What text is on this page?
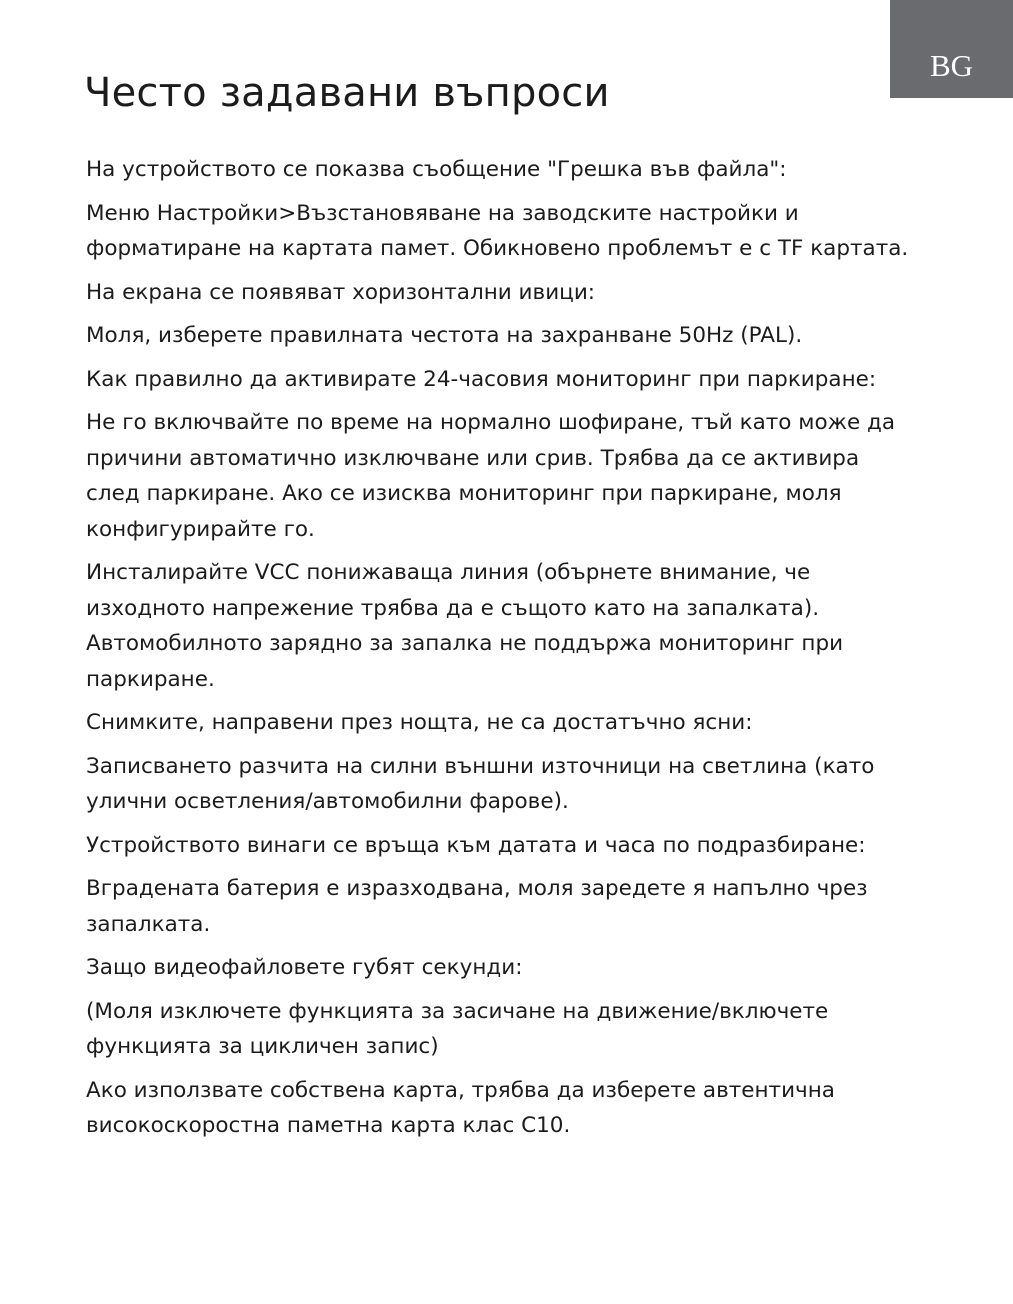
BG
Често задавани въпроси

На устройството се показва съобщение "Грешка във файла":

Меню Настройки>Възстановяване на заводските настройки и форматиране на картата памет. Обикновено проблемът е с TF картата.

На екрана се появяват хоризонтални ивици:

Моля, изберете правилната честота на захранване 50Hz (PAL).

Как правилно да активирате 24-часовия мониторинг при паркиране:

Не го включвайте по време на нормално шофиране, тъй като може да причини автоматично изключване или срив. Трябва да се активира след паркиране. Ако се изисква мониторинг при паркиране, моля конфигурирайте го.

Инсталирайте VCC понижаваща линия (обърнете внимание, че изходното напрежение трябва да е същото като на запалката). Автомобилното зарядно за запалка не поддържа мониторинг при паркиране.

Снимките, направени през нощта, не са достатъчно ясни:

Записването разчита на силни външни източници на светлина (като улични осветления/автомобилни фарове).

Устройството винаги се връща към датата и часа по подразбиране:

Вградената батерия е изразходвана, моля заредете я напълно чрез запалката.

Защо видеофайловете губят секунди:

(Моля изключете функцията за засичане на движение/включете функцията за цикличен запис)

Ако използвате собствена карта, трябва да изберете автентична високоскоростна паметна карта клас C10.
